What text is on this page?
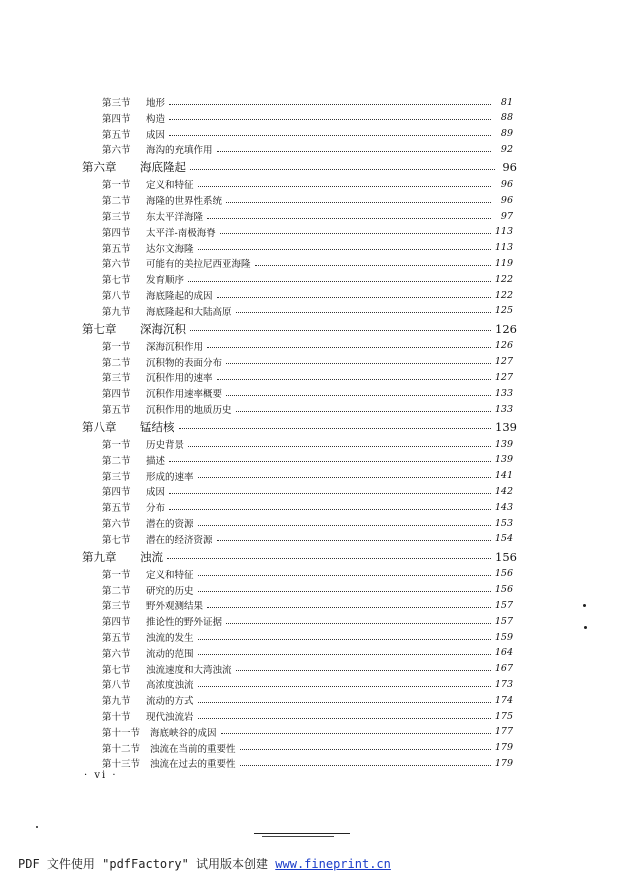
第三节	地形	81
第四节	构造	88
第五节	成因	89
第六节	海沟的充填作用	92
第六章	海底隆起	96
第一节	定义和特征	96
第二节	海隆的世界性系统	96
第三节	东太平洋海隆	97
第四节	太平洋-南极海脊	113
第五节	达尔文海隆	113
第六节	可能有的美拉尼西亚海隆	119
第七节	发育顺序	122
第八节	海底隆起的成因	122
第九节	海底隆起和大陆高原	125
第七章	深海沉积	126
第一节	深海沉积作用	126
第二节	沉积物的表面分布	127
第三节	沉积作用的速率	127
第四节	沉积作用速率概要	133
第五节	沉积作用的地质历史	133
第八章	锰结核	139
第一节	历史背景	139
第二节	描述	139
第三节	形成的速率	141
第四节	成因	142
第五节	分布	143
第六节	潜在的资源	153
第七节	潜在的经济资源	154
第九章	浊流	156
第一节	定义和特征	156
第二节	研究的历史	156
第三节	野外观测结果	157
第四节	推论性的野外证据	157
第五节	浊流的发生	159
第六节	流动的范围	164
第七节	浊流速度和大湾浊流	167
第八节	高浓度浊流	173
第九节	流动的方式	174
第十节	现代浊流岩	175
第十一节	海底峡谷的成因	177
第十二节	浊流在当前的重要性	179
第十三节	浊流在过去的重要性	179
· vi ·
PDF 文件使用 "pdfFactory" 试用版本创建 www.fineprint.cn
